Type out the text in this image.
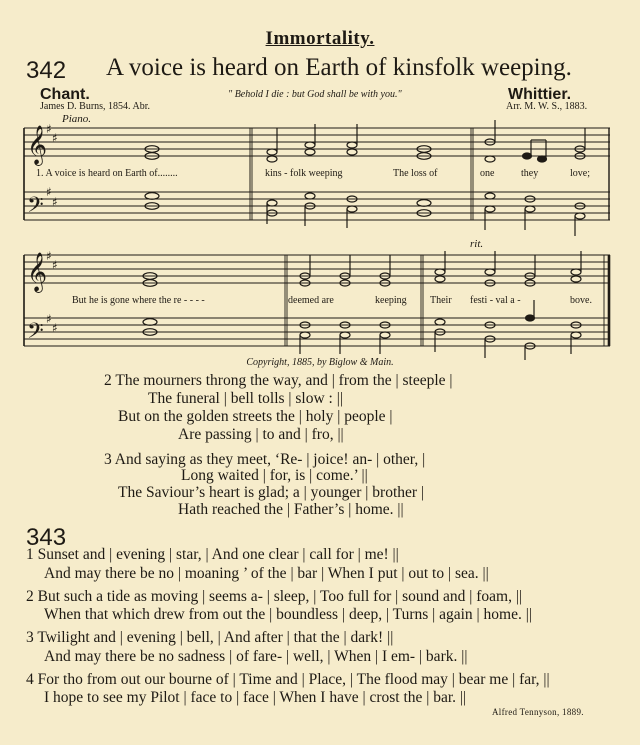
Immortality.
342 A voice is heard on Earth of kinsfolk weeping.
Chant.	Whittier.
James D. Burns, 1854. Abr.
" Behold I die : but God shall be with you."
Arr. M. W. S., 1883.
Piano.
𝄞
𝄢
𝄞
𝄢
♯
♯
♯
♯
♯
♯
♯
♯
1. A voice is heard on Earth of........	kins - folk weeping	The loss of	one	they	love;
rit.
But he is gone where the re - - - -	deemed are	keeping Their festi - val a -	bove.
Copyright, 1885, by Biglow & Main.
2 The mourners throng the way, and | from the | steeple |
The funeral | bell tolls | slow : ||
But on the golden streets the | holy | people |
Are passing | to and | fro, ||
3 And saying as they meet, ‘Re- | joice! an- | other, |
Long waited | for, is | come.’ ||
The Saviour’s heart is glad; a | younger | brother |
Hath reached the | Father’s | home. ||
343
1 Sunset and | evening | star, | And one clear | call for | me! ||
And may there be no | moaning ’ of the | bar | When I put | out to | sea. ||
2 But such a tide as moving | seems a- | sleep, | Too full for | sound and | foam, ||
When that which drew from out the | boundless | deep, | Turns | again | home. ||
3 Twilight and | evening | bell, | And after | that the | dark! ||
And may there be no sadness | of fare- | well, | When | I em- | bark. ||
4 For tho from out our bourne of | Time and | Place, | The flood may | bear me | far, ||
I hope to see my Pilot | face to | face | When I have | crost the | bar. ||
Alfred Tennyson, 1889.
